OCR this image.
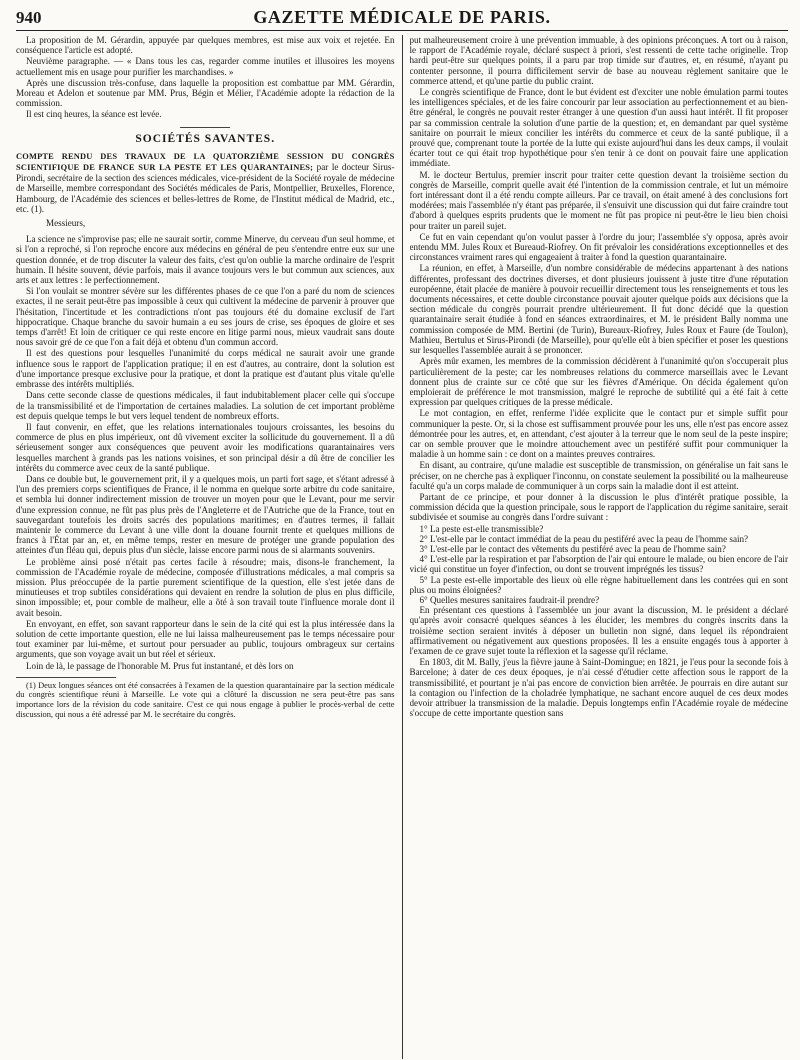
940	GAZETTE MÉDICALE DE PARIS.

La proposition de M. Gérardin, appuyée par quelques membres, est mise aux voix et rejetée. En conséquence l'article est adopté.

Neuvième paragraphe. — « Dans tous les cas, regarder comme inutiles et illusoires les moyens actuellement mis en usage pour purifier les marchandises. »

Après une discussion très-confuse, dans laquelle la proposition est combattue par MM. Gérardin, Moreau et Adelon et soutenue par MM. Prus, Bégin et Mélier, l'Académie adopte la rédaction de la commission.

Il est cinq heures, la séance est levée.

SOCIÉTÉS SAVANTES.

COMPTE RENDU DES TRAVAUX DE LA QUATORZIÈME SESSION DU CONGRÈS SCIENTIFIQUE DE FRANCE SUR LA PESTE ET LES QUARANTAINES; par le docteur Sirus-Pirondi, secrétaire de la section des sciences médicales, vice-président de la Société royale de médecine de Marseille, membre correspondant des Sociétés médicales de Paris, Montpellier, Bruxelles, Florence, Hambourg, de l'Académie des sciences et belles-lettres de Rome, de l'Institut médical de Madrid, etc., etc. (1).

Messieurs,

La science ne s'improvise pas; elle ne saurait sortir, comme Minerve, du cerveau d'un seul homme, et si l'on a reproché, si l'on reproche encore aux médecins en général de peu s'entendre entre eux sur une question donnée, et de trop discuter la valeur des faits, c'est qu'on oublie la marche ordinaire de l'esprit humain. Il hésite souvent, dévie parfois, mais il avance toujours vers le but commun aux sciences, aux arts et aux lettres : le perfectionnement.

Si l'on voulait se montrer sévère sur les différentes phases de ce que l'on a paré du nom de sciences exactes, il ne serait peut-être pas impossible à ceux qui cultivent la médecine de parvenir à prouver que l'hésitation, l'incertitude et les contradictions n'ont pas toujours été du domaine exclusif de l'art hippocratique. Chaque branche du savoir humain a eu ses jours de crise, ses époques de gloire et ses temps d'arrêt! Et loin de critiquer ce qui reste encore en litige parmi nous, mieux vaudrait sans doute nous savoir gré de ce que l'on a fait déjà et obtenu d'un commun accord.

Il est des questions pour lesquelles l'unanimité du corps médical ne saurait avoir une grande influence sous le rapport de l'application pratique; il en est d'autres, au contraire, dont la solution est d'une importance presque exclusive pour la pratique, et dont la pratique est d'autant plus vitale qu'elle embrasse des intérêts multipliés.

Dans cette seconde classe de questions médicales, il faut indubitablement placer celle qui s'occupe de la transmissibilité et de l'importation de certaines maladies. La solution de cet important problème est depuis quelque temps le but vers lequel tendent de nombreux efforts.

Il faut convenir, en effet, que les relations internationales toujours croissantes, les besoins du commerce de plus en plus impérieux, ont dû vivement exciter la sollicitude du gouvernement. Il a dû sérieusement songer aux conséquences que peuvent avoir les modifications quarantainaires vers lesquelles marchent à grands pas les nations voisines, et son principal désir a dû être de concilier les intérêts du commerce avec ceux de la santé publique.

Dans ce double but, le gouvernement prit, il y a quelques mois, un parti fort sage, et s'étant adressé à l'un des premiers corps scientifiques de France, il le nomma en quelque sorte arbitre du code sanitaire, et sembla lui donner indirectement mission de trouver un moyen pour que le Levant, pour me servir d'une expression connue, ne fût pas plus près de l'Angleterre et de l'Autriche que de la France, tout en sauvegardant toutefois les droits sacrés des populations maritimes; en d'autres termes, il fallait maintenir le commerce du Levant à une ville dont la douane fournit trente et quelques millions de francs à l'État par an, et, en même temps, rester en mesure de protéger une grande population des atteintes d'un fléau qui, depuis plus d'un siècle, laisse encore parmi nous de si alarmants souvenirs.

Le problème ainsi posé n'était pas certes facile à résoudre; mais, disons-le franchement, la commission de l'Académie royale de médecine, composée d'illustrations médicales, a mal compris sa mission. Plus préoccupée de la partie purement scientifique de la question, elle s'est jetée dans de minutieuses et trop subtiles considérations qui devaient en rendre la solution de plus en plus difficile, sinon impossible; et, pour comble de malheur, elle a ôté à son travail toute l'influence morale dont il avait besoin.

En envoyant, en effet, son savant rapporteur dans le sein de la cité qui est la plus intéressée dans la solution de cette importante question, elle ne lui laissa malheureusement pas le temps nécessaire pour tout examiner par lui-même, et surtout pour persuader au public, toujours ombrageux sur certains arguments, que son voyage avait un but réel et sérieux.

Loin de là, le passage de l'honorable M. Prus fut instantané, et dès lors on

(1) Deux longues séances ont été consacrées à l'examen de la question quarantainaire par la section médicale du congrès scientifique réuni à Marseille. Le vote qui a clôturé la discussion ne sera peut-être pas sans importance lors de la révision du code sanitaire. C'est ce qui nous engage à publier le procès-verbal de cette discussion, qui nous a été adressé par M. le secrétaire du congrès.

put malheureusement croire à une prévention immuable, à des opinions préconçues. A tort ou à raison, le rapport de l'Académie royale, déclaré suspect à priori, s'est ressenti de cette tache originelle. Trop hardi peut-être sur quelques points, il a paru par trop timide sur d'autres, et, en résumé, n'ayant pu contenter personne, il pourra difficilement servir de base au nouveau règlement sanitaire que le commerce attend, et qu'une partie du public craint.

Le congrès scientifique de France, dont le but évident est d'exciter une noble émulation parmi toutes les intelligences spéciales, et de les faire concourir par leur association au perfectionnement et au bien-être général, le congrès ne pouvait rester étranger à une question d'un aussi haut intérêt. Il fit proposer par sa commission centrale la solution d'une partie de la question; et, en demandant par quel système sanitaire on pourrait le mieux concilier les intérêts du commerce et ceux de la santé publique, il a prouvé que, comprenant toute la portée de la lutte qui existe aujourd'hui dans les deux camps, il voulait écarter tout ce qui était trop hypothétique pour s'en tenir à ce dont on pouvait faire une application immédiate.

M. le docteur Bertulus, premier inscrit pour traiter cette question devant la troisième section du congrès de Marseille, comprit quelle avait été l'intention de la commission centrale, et lut un mémoire fort intéressant dont il a été rendu compte ailleurs. Par ce travail, on était amené à des conclusions fort modérées; mais l'assemblée n'y étant pas préparée, il s'ensuivit une discussion qui dut faire craindre tout d'abord à quelques esprits prudents que le moment ne fût pas propice ni peut-être le lieu bien choisi pour traiter un pareil sujet.

Ce fut en vain cependant qu'on voulut passer à l'ordre du jour; l'assemblée s'y opposa, après avoir entendu MM. Jules Roux et Bureaud-Riofrey. On fit prévaloir les considérations exceptionnelles et des circonstances vraiment rares qui engageaient à traiter à fond la question quarantainaire.

La réunion, en effet, à Marseille, d'un nombre considérable de médecins appartenant à des nations différentes, professant des doctrines diverses, et dont plusieurs jouissent à juste titre d'une réputation européenne, était placée de manière à pouvoir recueillir directement tous les renseignements et tous les documents nécessaires, et cette double circonstance pouvait ajouter quelque poids aux décisions que la section médicale du congrès pourrait prendre ultérieurement. Il fut donc décidé que la question quarantainaire serait étudiée à fond en séances extraordinaires, et M. le président Bally nomma une commission composée de MM. Bertini (de Turin), Bureaux-Riofrey, Jules Roux et Faure (de Toulon), Mathieu, Bertulus et Sirus-Pirondi (de Marseille), pour qu'elle eût à bien spécifier et poser les questions sur lesquelles l'assemblée aurait à se prononcer.

Après mûr examen, les membres de la commission décidèrent à l'unanimité qu'on s'occuperait plus particulièrement de la peste; car les nombreuses relations du commerce marseillais avec le Levant donnent plus de crainte sur ce côté que sur les fièvres d'Amérique. On décida également qu'on emploierait de préférence le mot transmission, malgré le reproche de subtilité qui a été fait à cette expression par quelques critiques de la presse médicale.

Le mot contagion, en effet, renferme l'idée explicite que le contact pur et simple suffit pour communiquer la peste. Or, si la chose est suffisamment prouvée pour les uns, elle n'est pas encore assez démontrée pour les autres, et, en attendant, c'est ajouter à la terreur que le nom seul de la peste inspire; car on semble prouver que le moindre attouchement avec un pestiféré suffit pour communiquer la maladie à un homme sain : ce dont on a maintes preuves contraires.

En disant, au contraire, qu'une maladie est susceptible de transmission, on généralise un fait sans le préciser, on ne cherche pas à expliquer l'inconnu, on constate seulement la possibilité ou la malheureuse faculté qu'a un corps malade de communiquer à un corps sain la maladie dont il est atteint.

Partant de ce principe, et pour donner à la discussion le plus d'intérêt pratique possible, la commission décida que la question principale, sous le rapport de l'application du régime sanitaire, serait subdivisée et soumise au congrès dans l'ordre suivant :

1° La peste est-elle transmissible?

2° L'est-elle par le contact immédiat de la peau du pestiféré avec la peau de l'homme sain?

3° L'est-elle par le contact des vêtements du pestiféré avec la peau de l'homme sain?

4° L'est-elle par la respiration et par l'absorption de l'air qui entoure le malade, ou bien encore de l'air vicié qui constitue un foyer d'infection, ou dont se trouvent imprégnés les tissus?

5° La peste est-elle importable des lieux où elle règne habituellement dans les contrées qui en sont plus ou moins éloignées?

6° Quelles mesures sanitaires faudrait-il prendre?

En présentant ces questions à l'assemblée un jour avant la discussion, M. le président a déclaré qu'après avoir consacré quelques séances à les élucider, les membres du congrès inscrits dans la troisième section seraient invités à déposer un bulletin non signé, dans lequel ils répondraient affirmativement ou négativement aux questions proposées. Il les a ensuite engagés tous à apporter à l'examen de ce grave sujet toute la réflexion et la sagesse qu'il réclame.

En 1803, dit M. Bally, j'eus la fièvre jaune à Saint-Domingue; en 1821, je l'eus pour la seconde fois à Barcelone; à dater de ces deux époques, je n'ai cessé d'étudier cette affection sous le rapport de la transmissibilité, et pourtant je n'ai pas encore de conviction bien arrêtée. Je pourrais en dire autant sur la contagion ou l'infection de la choladrée lymphatique, ne sachant encore auquel de ces deux modes devoir attribuer la transmission de la maladie. Depuis longtemps enfin l'Académie royale de médecine s'occupe de cette importante question sans
